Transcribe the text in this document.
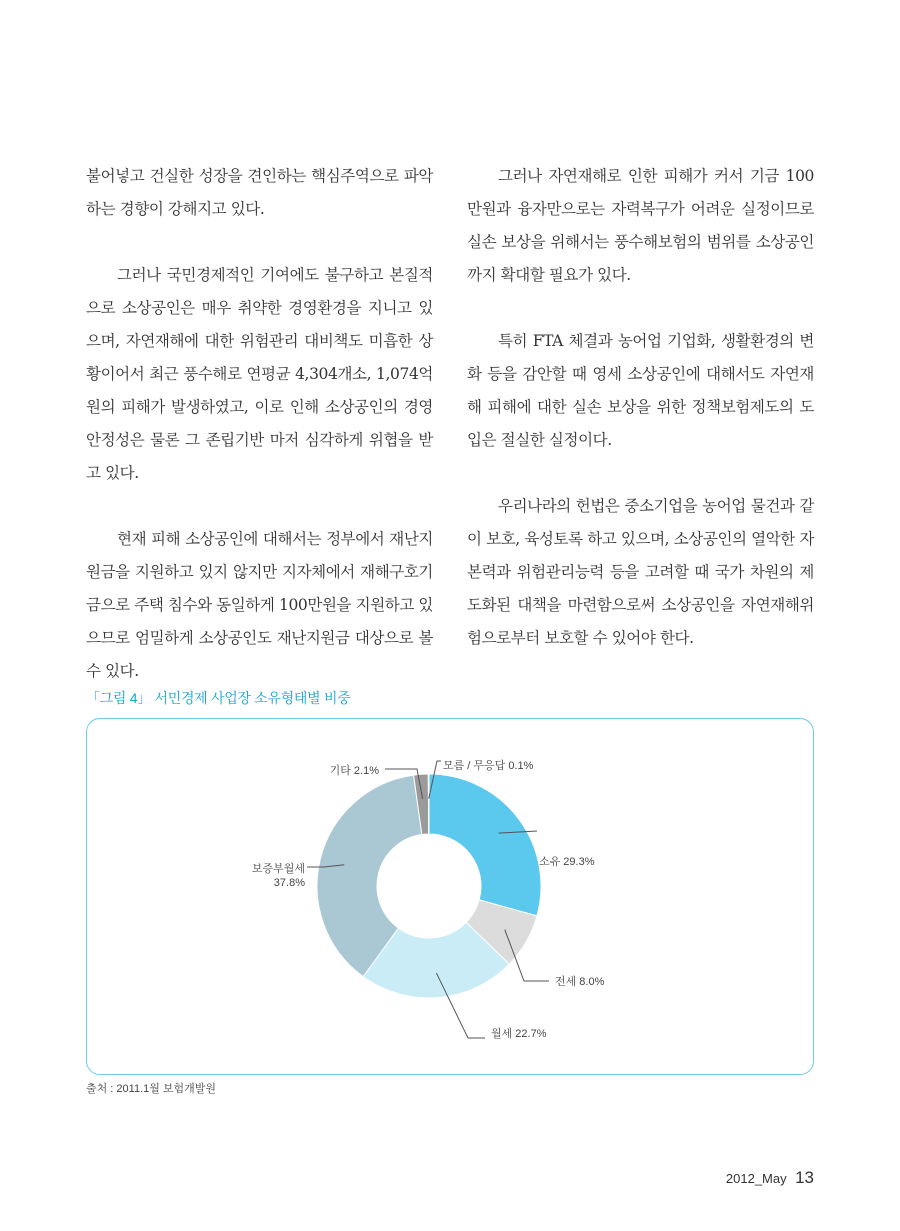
불어넣고 건실한 성장을 견인하는 핵심주역으로 파악하는 경향이 강해지고 있다.

그러나 국민경제적인 기여에도 불구하고 본질적으로 소상공인은 매우 취약한 경영환경을 지니고 있으며, 자연재해에 대한 위험관리 대비책도 미흡한 상황이어서 최근 풍수해로 연평균 4,304개소, 1,074억원의 피해가 발생하였고, 이로 인해 소상공인의 경영안정성은 물론 그 존립기반 마저 심각하게 위협을 받고 있다.

현재 피해 소상공인에 대해서는 정부에서 재난지원금을 지원하고 있지 않지만 지자체에서 재해구호기금으로 주택 침수와 동일하게 100만원을 지원하고 있으므로 엄밀하게 소상공인도 재난지원금 대상으로 볼 수 있다.

그러나 자연재해로 인한 피해가 커서 기금 100만원과 융자만으로는 자력복구가 어려운 실정이므로 실손 보상을 위해서는 풍수해보험의 범위를 소상공인까지 확대할 필요가 있다.

특히 FTA 체결과 농어업 기업화, 생활환경의 변화 등을 감안할 때 영세 소상공인에 대해서도 자연재해 피해에 대한 실손 보상을 위한 정책보험제도의 도입은 절실한 실정이다.

우리나라의 헌법은 중소기업을 농어업 물건과 같이 보호, 육성토록 하고 있으며, 소상공인의 열악한 자본력과 위험관리능력 등을 고려할 때 국가 차원의 제도화된 대책을 마련함으로써 소상공인을 자연재해위험으로부터 보호할 수 있어야 한다.

「그림 4」 서민경제 사업장 소유형태별 비중
소유 29.3%
전세 8.0%
월세 22.7%
보증부월세 37.8%
기타 2.1%	모름 / 무응답 0.1%
출처 : 2011.1월 보험개발원
2012_May 13
